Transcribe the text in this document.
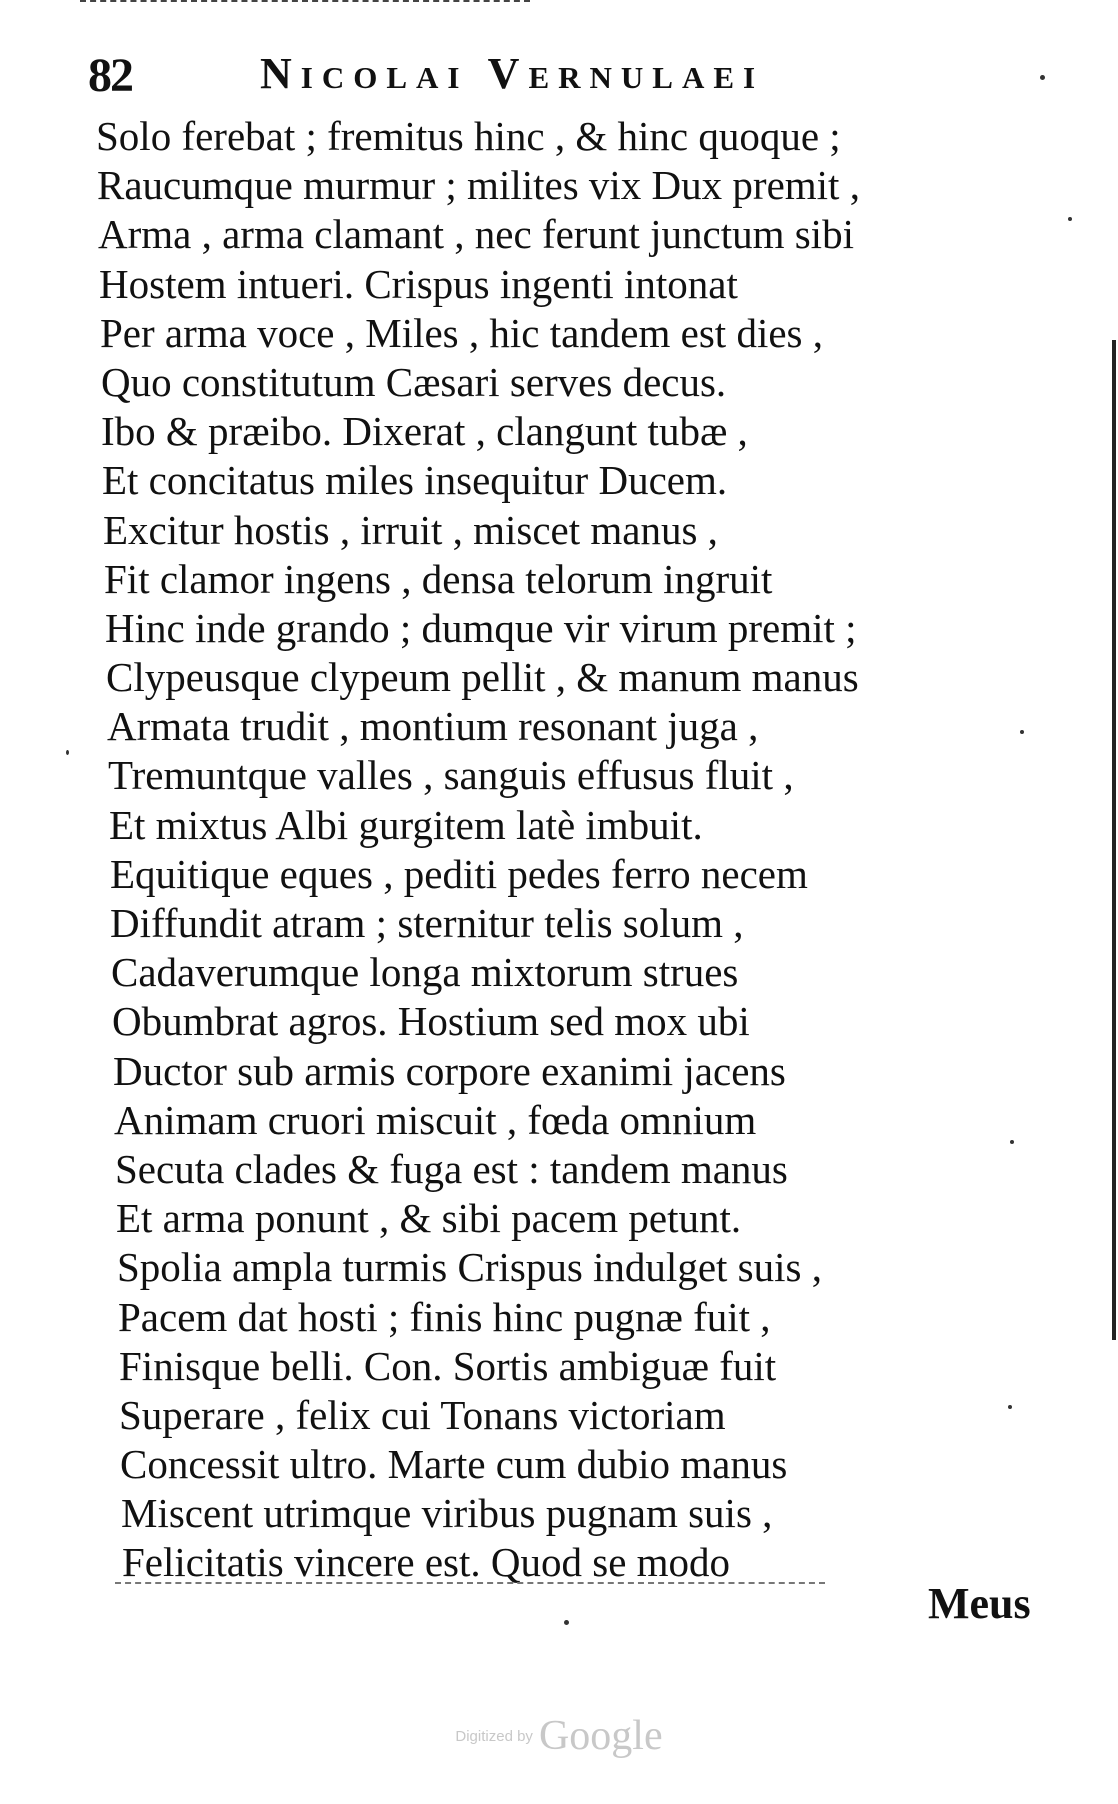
82	Nicolai Vernulaei
Solo ferebat ; fremitus hinc , & hinc quoque ;
Raucumque murmur ; milites vix Dux premit ,
Arma , arma clamant , nec ferunt junctum sibi
Hostem intueri. Crispus ingenti intonat
Per arma voce , Miles , hic tandem est dies ,
Quo constitutum Cæsari serves decus.
Ibo & præibo. Dixerat , clangunt tubæ ,
Et concitatus miles insequitur Ducem.
Excitur hostis , irruit , miscet manus ,
Fit clamor ingens , densa telorum ingruit
Hinc inde grando ; dumque vir virum premit ;
Clypeusque clypeum pellit , & manum manus
Armata trudit , montium resonant juga ,
Tremuntque valles , sanguis effusus fluit ,
Et mixtus Albi gurgitem latè imbuit.
Equitique eques , pediti pedes ferro necem
Diffundit atram ; sternitur telis solum ,
Cadaverumque longa mixtorum strues
Obumbrat agros. Hostium sed mox ubi
Ductor sub armis corpore exanimi jacens
Animam cruori miscuit , fœda omnium
Secuta clades & fuga est : tandem manus
Et arma ponunt , & sibi pacem petunt.
Spolia ampla turmis Crispus indulget suis ,
Pacem dat hosti ; finis hinc pugnæ fuit ,
Finisque belli. Con. Sortis ambiguæ fuit
Superare , felix cui Tonans victoriam
Concessit ultro. Marte cum dubio manus
Miscent utrimque viribus pugnam suis ,
Felicitatis vincere est. Quod se modo
Meus
Digitized by Google
